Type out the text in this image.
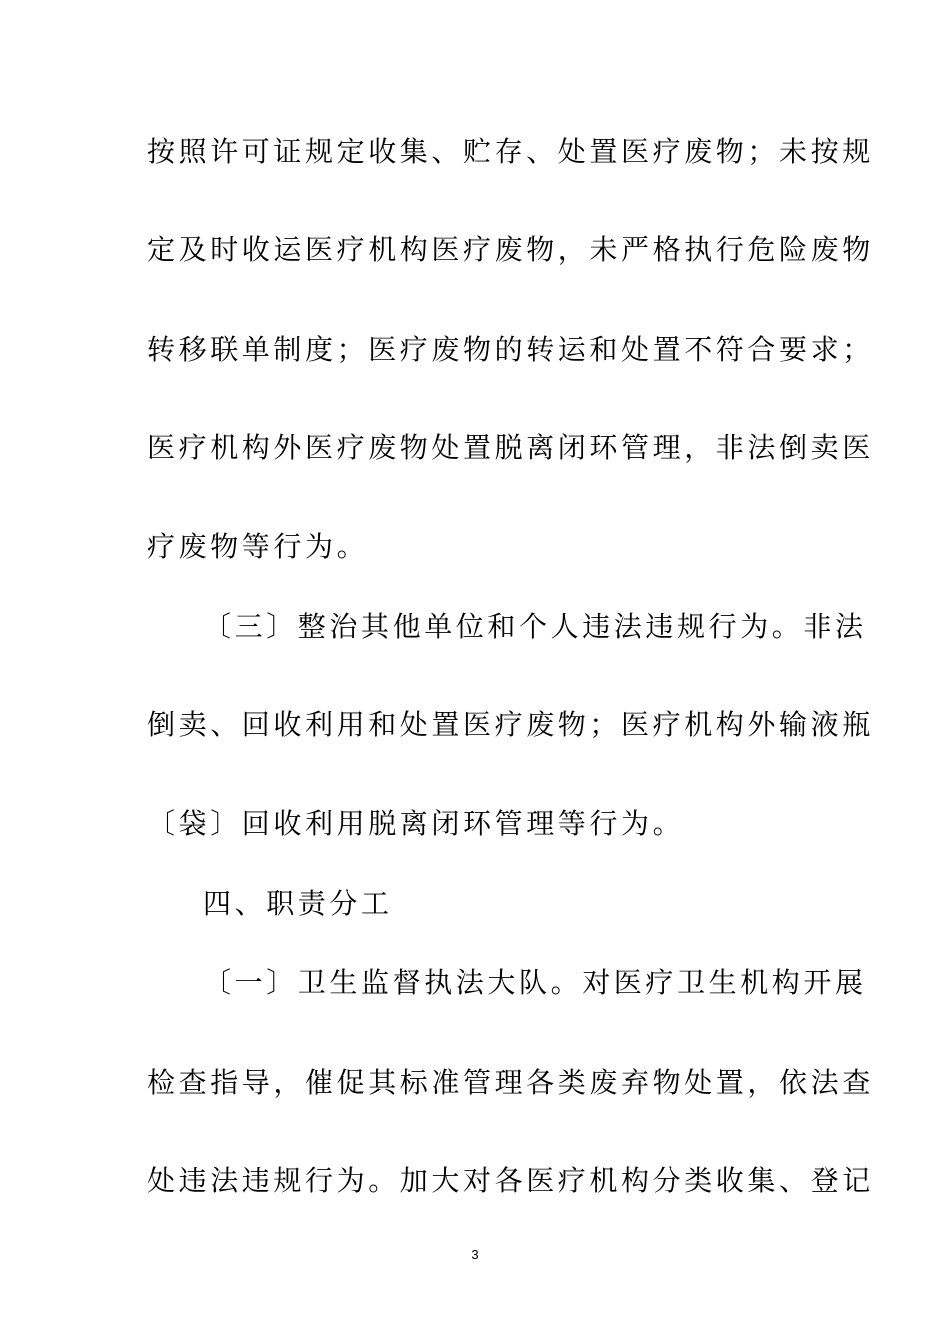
按照许可证规定收集、贮存、处置医疗废物；未按规
定及时收运医疗机构医疗废物，未严格执行危险废物
转移联单制度；医疗废物的转运和处置不符合要求；
医疗机构外医疗废物处置脱离闭环管理，非法倒卖医
疗废物等行为。
〔三〕整治其他单位和个人违法违规行为。非法
倒卖、回收利用和处置医疗废物；医疗机构外输液瓶
〔袋〕回收利用脱离闭环管理等行为。
四、职责分工
〔一〕卫生监督执法大队。对医疗卫生机构开展
检查指导，催促其标准管理各类废弃物处置，依法查
处违法违规行为。加大对各医疗机构分类收集、登记
3
